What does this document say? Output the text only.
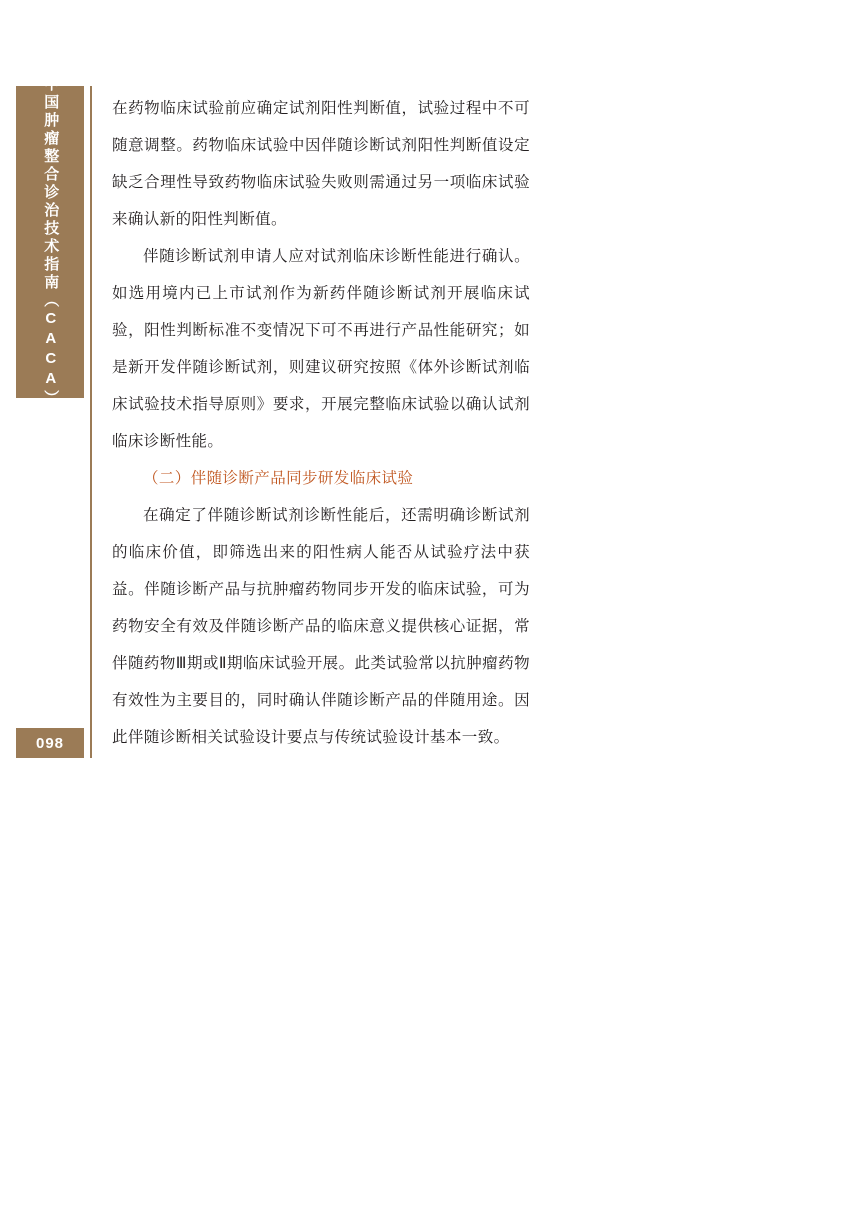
中国肿瘤整合诊治技术指南（CACA）
098

在药物临床试验前应确定试剂阳性判断值，试验过程中不可随意调整。药物临床试验中因伴随诊断试剂阳性判断值设定缺乏合理性导致药物临床试验失败则需通过另一项临床试验来确认新的阳性判断值。

伴随诊断试剂申请人应对试剂临床诊断性能进行确认。如选用境内已上市试剂作为新药伴随诊断试剂开展临床试验，阳性判断标准不变情况下可不再进行产品性能研究；如是新开发伴随诊断试剂，则建议研究按照《体外诊断试剂临床试验技术指导原则》要求，开展完整临床试验以确认试剂临床诊断性能。

（二）伴随诊断产品同步研发临床试验

在确定了伴随诊断试剂诊断性能后，还需明确诊断试剂的临床价值，即筛选出来的阳性病人能否从试验疗法中获益。伴随诊断产品与抗肿瘤药物同步开发的临床试验，可为药物安全有效及伴随诊断产品的临床意义提供核心证据，常伴随药物Ⅲ期或Ⅱ期临床试验开展。此类试验常以抗肿瘤药物有效性为主要目的，同时确认伴随诊断产品的伴随用途。因此伴随诊断相关试验设计要点与传统试验设计基本一致。
